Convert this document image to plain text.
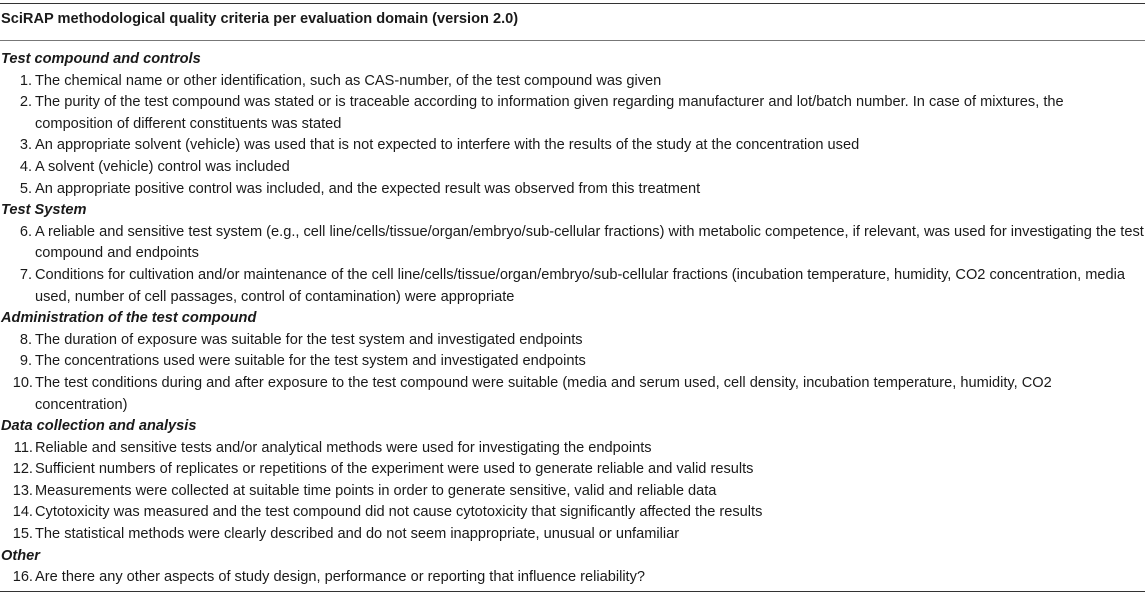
SciRAP methodological quality criteria per evaluation domain (version 2.0)
Test compound and controls
1. The chemical name or other identification, such as CAS-number, of the test compound was given
2. The purity of the test compound was stated or is traceable according to information given regarding manufacturer and lot/batch number. In case of mixtures, the composition of different constituents was stated
3. An appropriate solvent (vehicle) was used that is not expected to interfere with the results of the study at the concentration used
4. A solvent (vehicle) control was included
5. An appropriate positive control was included, and the expected result was observed from this treatment
Test System
6. A reliable and sensitive test system (e.g., cell line/cells/tissue/organ/embryo/sub-cellular fractions) with metabolic competence, if relevant, was used for investigating the test compound and endpoints
7. Conditions for cultivation and/or maintenance of the cell line/cells/tissue/organ/embryo/sub-cellular fractions (incubation temperature, humidity, CO2 concentration, media used, number of cell passages, control of contamination) were appropriate
Administration of the test compound
8. The duration of exposure was suitable for the test system and investigated endpoints
9. The concentrations used were suitable for the test system and investigated endpoints
10. The test conditions during and after exposure to the test compound were suitable (media and serum used, cell density, incubation temperature, humidity, CO2 concentration)
Data collection and analysis
11. Reliable and sensitive tests and/or analytical methods were used for investigating the endpoints
12. Sufficient numbers of replicates or repetitions of the experiment were used to generate reliable and valid results
13. Measurements were collected at suitable time points in order to generate sensitive, valid and reliable data
14. Cytotoxicity was measured and the test compound did not cause cytotoxicity that significantly affected the results
15. The statistical methods were clearly described and do not seem inappropriate, unusual or unfamiliar
Other
16. Are there any other aspects of study design, performance or reporting that influence reliability?
